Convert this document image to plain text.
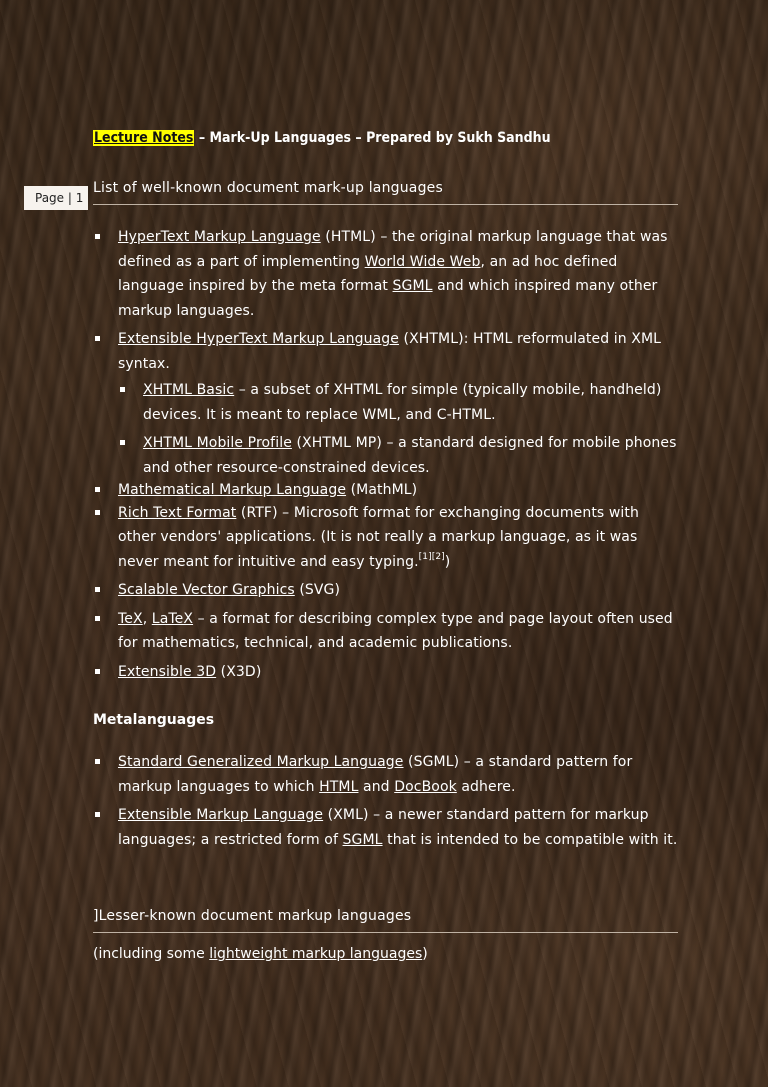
Page | 1
Lecture Notes – Mark-Up Languages – Prepared by Sukh Sandhu
List of well-known document mark-up languages
HyperText Markup Language (HTML) – the original markup language that was defined as a part of implementing World Wide Web, an ad hoc defined language inspired by the meta format SGML and which inspired many other markup languages.
Extensible HyperText Markup Language (XHTML): HTML reformulated in XML syntax.
XHTML Basic – a subset of XHTML for simple (typically mobile, handheld) devices. It is meant to replace WML, and C-HTML.
XHTML Mobile Profile (XHTML MP) – a standard designed for mobile phones and other resource-constrained devices.
Mathematical Markup Language (MathML)
Rich Text Format (RTF) – Microsoft format for exchanging documents with other vendors' applications. (It is not really a markup language, as it was never meant for intuitive and easy typing.[1][2])
Scalable Vector Graphics (SVG)
TeX, LaTeX – a format for describing complex type and page layout often used for mathematics, technical, and academic publications.
Extensible 3D (X3D)
Metalanguages
Standard Generalized Markup Language (SGML) – a standard pattern for markup languages to which HTML and DocBook adhere.
Extensible Markup Language (XML) – a newer standard pattern for markup languages; a restricted form of SGML that is intended to be compatible with it.
]Lesser-known document markup languages
(including some lightweight markup languages)
